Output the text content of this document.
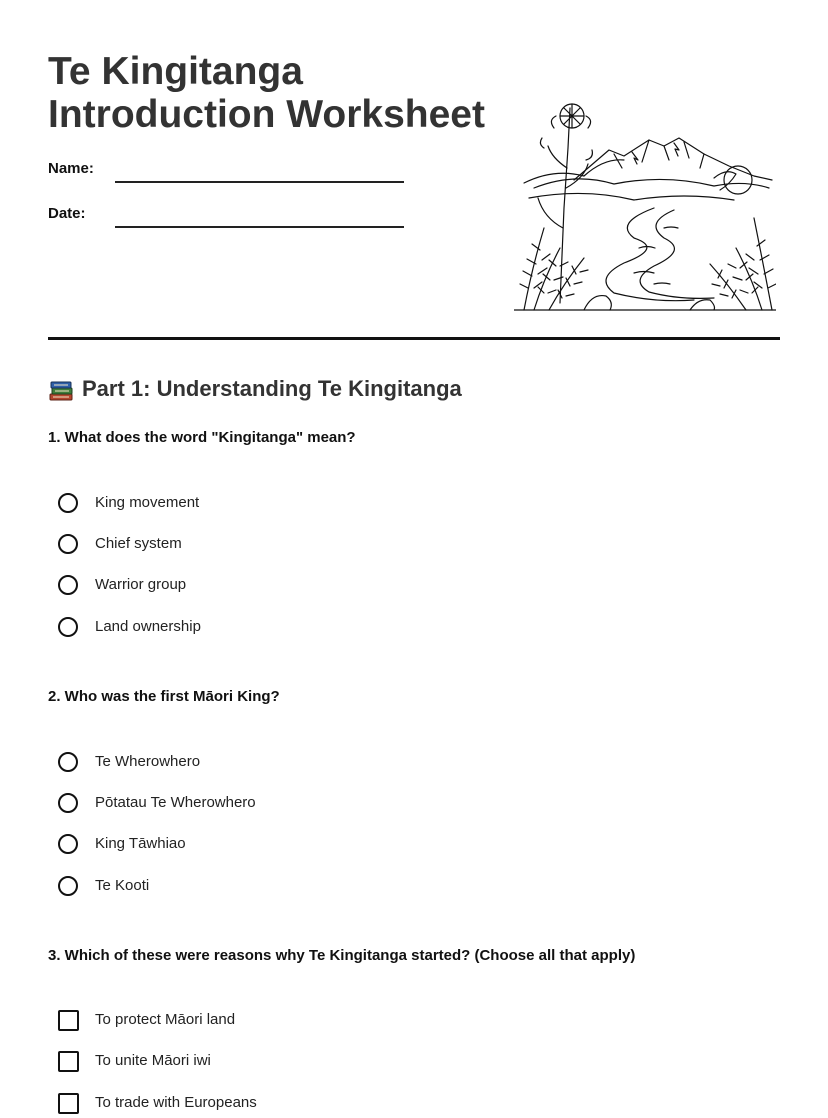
Te Kingitanga
Introduction Worksheet
Name:
Date:
Part 1: Understanding Te Kingitanga

1. What does the word "Kingitanga" mean?

King movement
Chief system
Warrior group
Land ownership

2. Who was the first Māori King?

Te Wherowhero
Pōtatau Te Wherowhero
King Tāwhiao
Te Kooti

3. Which of these were reasons why Te Kingitanga started? (Choose all that apply)

To protect Māori land
To unite Māori iwi
To trade with Europeans
